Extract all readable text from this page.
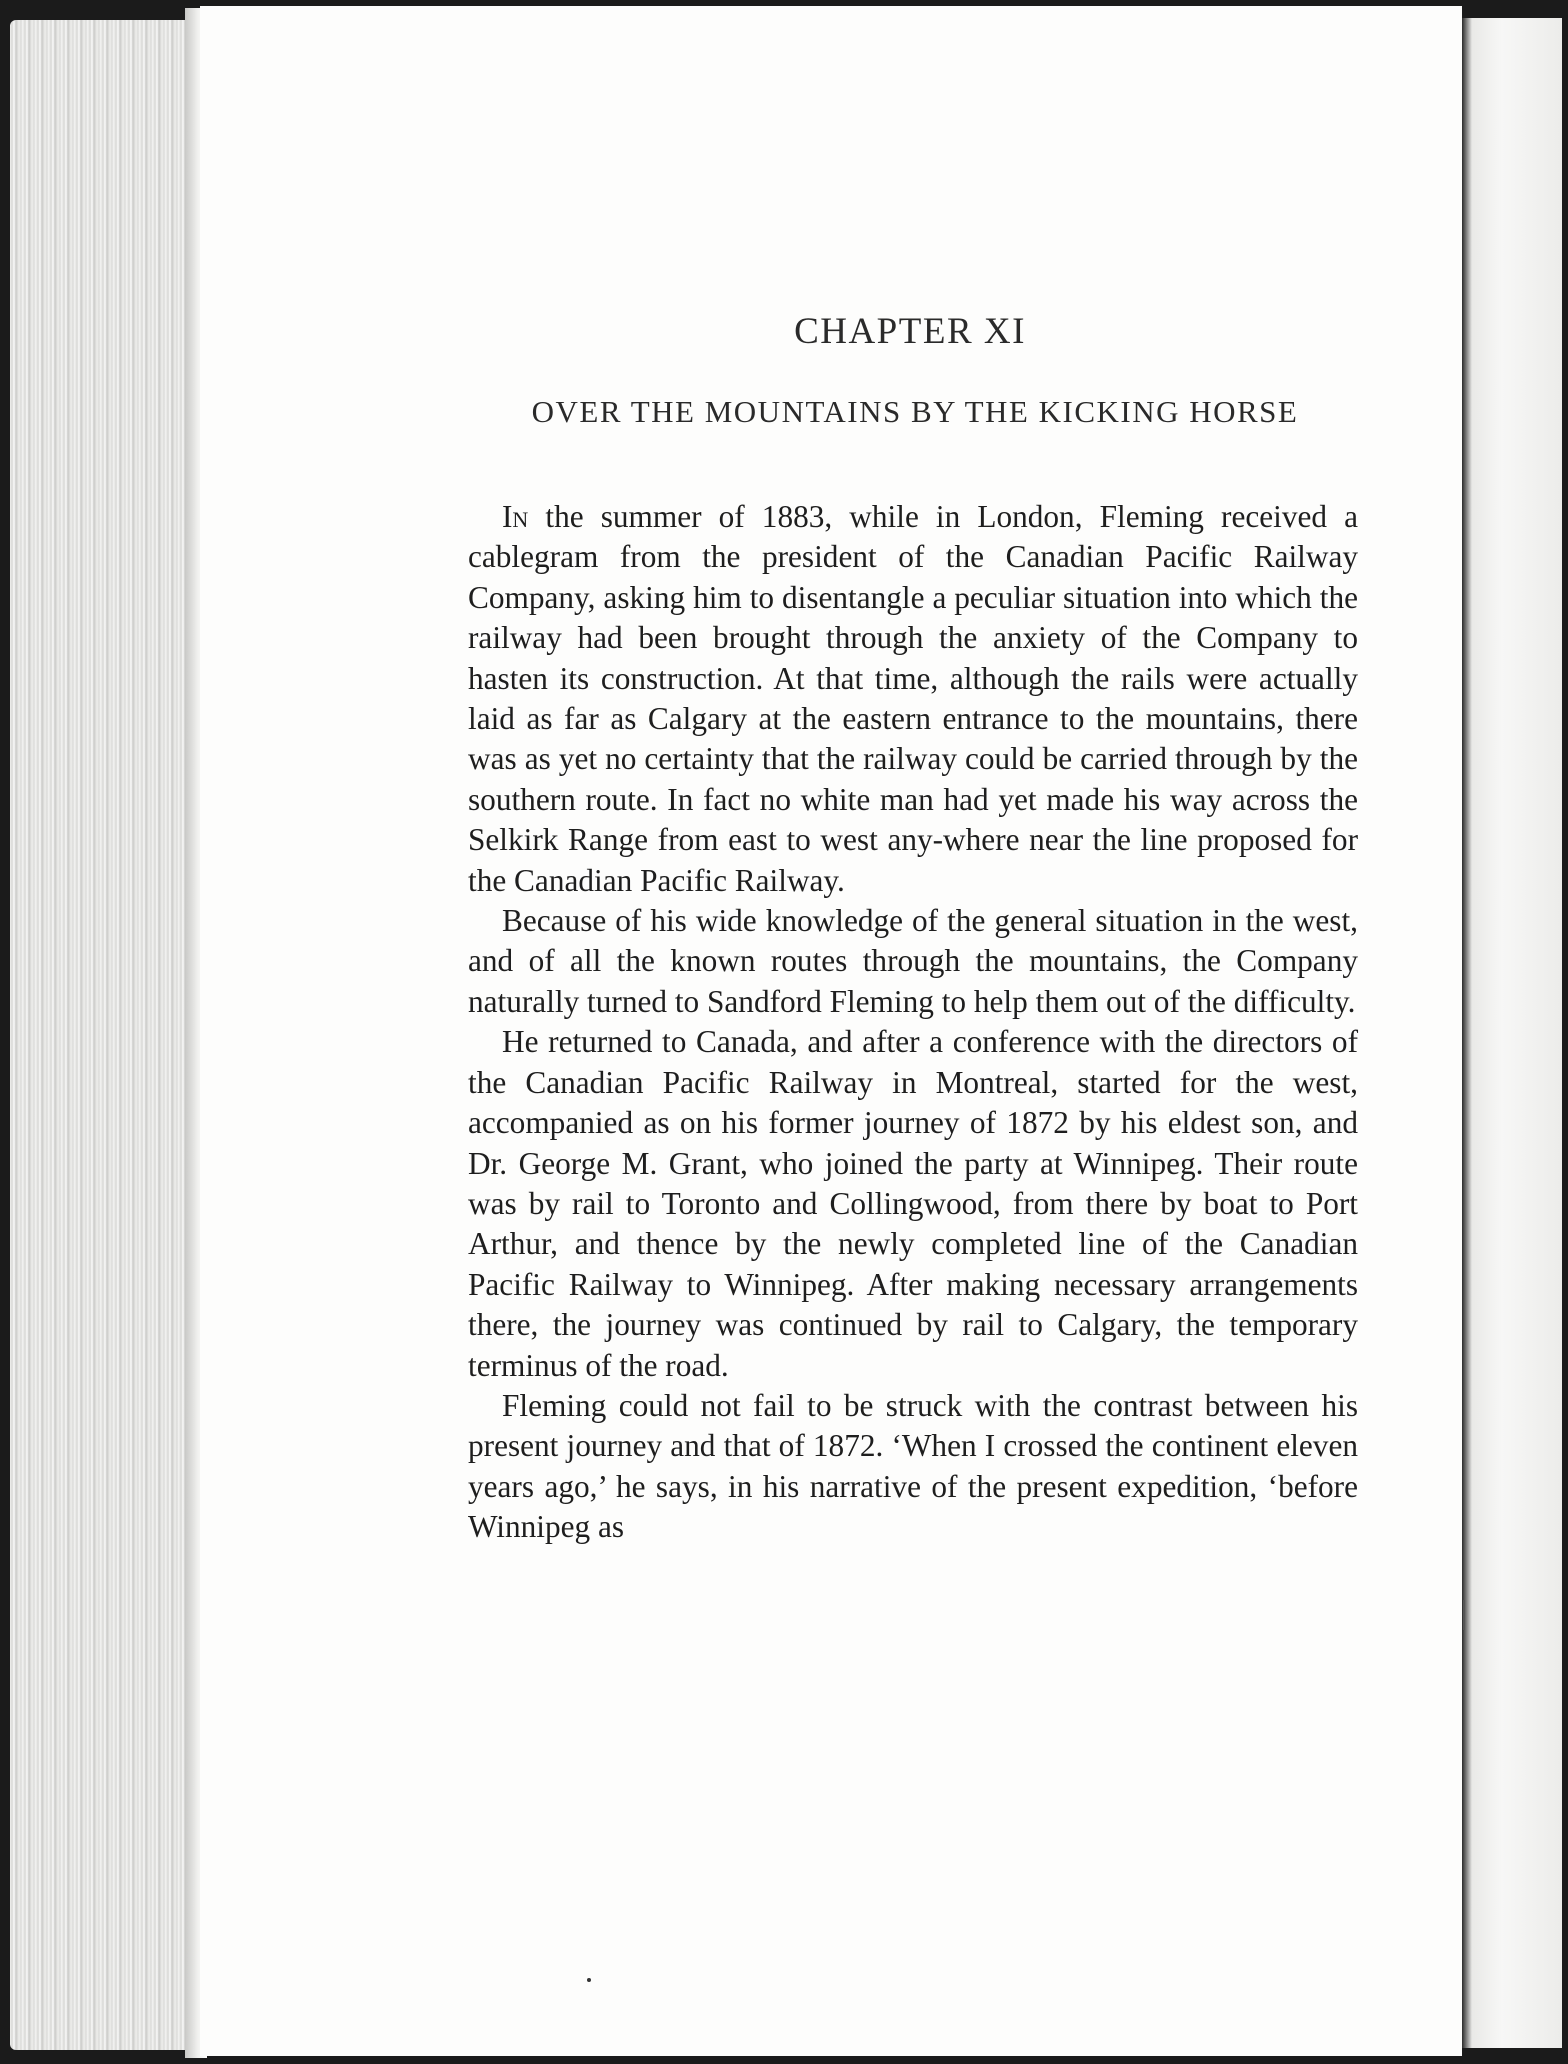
CHAPTER XI
OVER THE MOUNTAINS BY THE KICKING HORSE

In the summer of 1883, while in London, Fleming received a cablegram from the president of the Canadian Pacific Railway Company, asking him to disentangle a peculiar situation into which the railway had been brought through the anxiety of the Company to hasten its construction. At that time, although the rails were actually laid as far as Calgary at the eastern entrance to the mountains, there was as yet no certainty that the railway could be carried through by the southern route. In fact no white man had yet made his way across the Selkirk Range from east to west any-where near the line proposed for the Canadian Pacific Railway.

Because of his wide knowledge of the general situation in the west, and of all the known routes through the mountains, the Company naturally turned to Sandford Fleming to help them out of the difficulty.

He returned to Canada, and after a conference with the directors of the Canadian Pacific Railway in Montreal, started for the west, accompanied as on his former journey of 1872 by his eldest son, and Dr. George M. Grant, who joined the party at Winnipeg. Their route was by rail to Toronto and Collingwood, from there by boat to Port Arthur, and thence by the newly completed line of the Canadian Pacific Railway to Winnipeg. After making necessary arrangements there, the journey was continued by rail to Calgary, the temporary terminus of the road.

Fleming could not fail to be struck with the contrast between his present journey and that of 1872. ‘When I crossed the continent eleven years ago,’ he says, in his narrative of the present expedition, ‘before Winnipeg as
